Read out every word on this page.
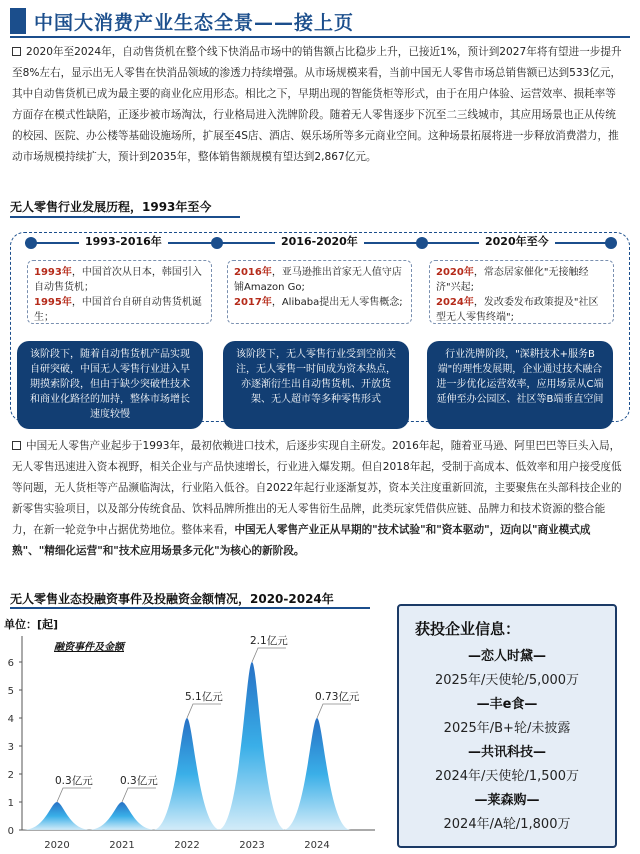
中国大消费产业生态全景——接上页
2020年至2024年，自动售货机在整个线下快消品市场中的销售额占比稳步上升，已接近1%，预计到2027年将有望进一步提升至8%左右，显示出无人零售在快消品领域的渗透力持续增强。从市场规模来看，当前中国无人零售市场总销售额已达到533亿元，其中自动售货机已成为最主要的商业化应用形态。相比之下，早期出现的智能货柜等形式，由于在用户体验、运营效率、损耗率等方面存在模式性缺陷，正逐步被市场淘汰，行业格局进入洗牌阶段。随着无人零售逐步下沉至二三线城市，其应用场景也正从传统的校园、医院、办公楼等基础设施场所，扩展至4S店、酒店、娱乐场所等多元商业空间。这种场景拓展将进一步释放消费潜力，推动市场规模持续扩大，预计到2035年，整体销售额规模有望达到2,867亿元。
无人零售行业发展历程，1993年至今
1993-2016年	2016-2020年	2020年至今

1993年，中国首次从日本，韩国引入自动售货机；

1995年，中国首台自研自动售货机诞生；

2016年，亚马逊推出首家无人值守店铺Amazon Go;

2017年，Alibaba提出无人零售概念;

2020年，常态居家催化"无接触经济"兴起;

2024年，发改委发布政策提及"社区型无人零售终端";

该阶段下，随着自动售货机产品实现自研突破，中国无人零售行业进入早期摸索阶段，但由于缺少突破性技术和商业化路径的加持，整体市场增长速度较慢
该阶段下，无人零售行业受到空前关注，无人零售一时间成为资本热点，亦逐渐衍生出自动售货机、开放货架、无人超市等多种零售形式
行业洗牌阶段，"深耕技术+服务B端"的理性发展期，企业通过技术融合进一步优化运营效率，应用场景从C端延伸至办公园区、社区等B端垂直空间
中国无人零售产业起步于1993年，最初依赖进口技术，后逐步实现自主研发。2016年起，随着亚马逊、阿里巴巴等巨头入局，无人零售迅速进入资本视野，相关企业与产品快速增长，行业进入爆发期。但自2018年起，受制于高成本、低效率和用户接受度低等问题，无人货柜等产品濒临淘汰，行业陷入低谷。自2022年起行业逐渐复苏，资本关注度重新回流，主要聚焦在头部科技企业的新零售实验项目，以及部分传统食品、饮料品牌所推出的无人零售衍生品牌，此类玩家凭借供应链、品牌力和技术资源的整合能力，在新一轮竞争中占据优势地位。整体来看，中国无人零售产业正从早期的"技术试验"和"资本驱动"，迈向以"商业模式成熟"、"精细化运营"和"技术应用场景多元化"为核心的新阶段。
无人零售业态投融资事件及投融资金额情况，2020-2024年
单位：[起]
融资事件及金额
0
1
2
3
4
5
6
0.3亿元
2020
0.3亿元
2021
5.1亿元
2022
2.1亿元
2023
0.73亿元
2024
获投企业信息：
—恋人时黛—
2025年/天使轮/5,000万
—丰e食—
2025年/B+轮/未披露
—共讯科技—
2024年/天使轮/1,500万
—莱森购—
2024年/A轮/1,800万
